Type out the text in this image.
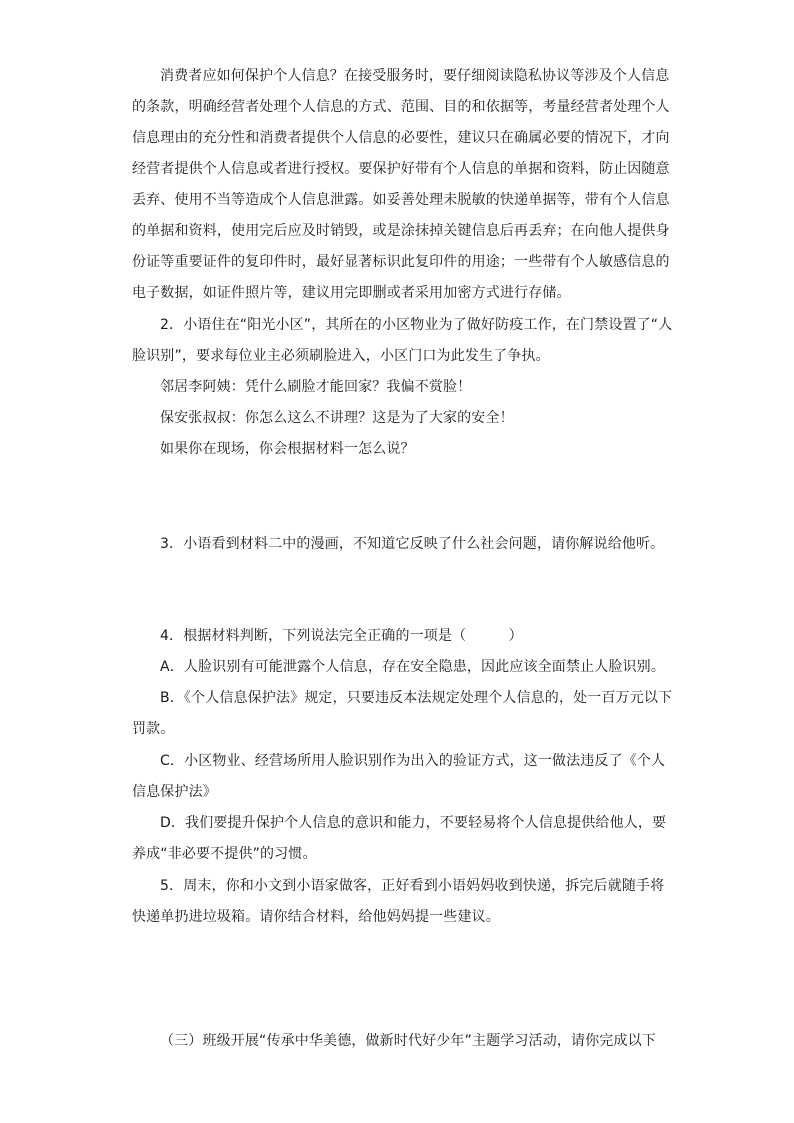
消费者应如何保护个人信息？在接受服务时，要仔细阅读隐私协议等涉及个人信息
的条款，明确经营者处理个人信息的方式、范围、目的和依据等，考量经营者处理个人
信息理由的充分性和消费者提供个人信息的必要性，建议只在确属必要的情况下，才向
经营者提供个人信息或者进行授权。要保护好带有个人信息的单据和资料，防止因随意
丢弃、使用不当等造成个人信息泄露。如妥善处理未脱敏的快递单据等，带有个人信息
的单据和资料，使用完后应及时销毁，或是涂抹掉关键信息后再丢弃；在向他人提供身
份证等重要证件的复印件时，最好显著标识此复印件的用途；一些带有个人敏感信息的
电子数据，如证件照片等，建议用完即删或者采用加密方式进行存储。
2．小语住在“阳光小区”，其所在的小区物业为了做好防疫工作，在门禁设置了“人
脸识别”，要求每位业主必须刷脸进入，小区门口为此发生了争执。
邻居李阿姨：凭什么刷脸才能回家？我偏不赏脸！
保安张叔叔：你怎么这么不讲理？这是为了大家的安全！
如果你在现场，你会根据材料一怎么说？
3．小语看到材料二中的漫画，不知道它反映了什么社会问题，请你解说给他听。
4．根据材料判断，下列说法完全正确的一项是（　　　）
A．人脸识别有可能泄露个人信息，存在安全隐患，因此应该全面禁止人脸识别。
B．《个人信息保护法》规定，只要违反本法规定处理个人信息的，处一百万元以下
罚款。
C．小区物业、经营场所用人脸识别作为出入的验证方式，这一做法违反了《个人
信息保护法》
D．我们要提升保护个人信息的意识和能力，不要轻易将个人信息提供给他人，要
养成“非必要不提供”的习惯。
5．周末，你和小文到小语家做客，正好看到小语妈妈收到快递，拆完后就随手将
快递单扔进垃圾箱。请你结合材料，给他妈妈提一些建议。
（三）班级开展“传承中华美德，做新时代好少年”主题学习活动，请你完成以下
